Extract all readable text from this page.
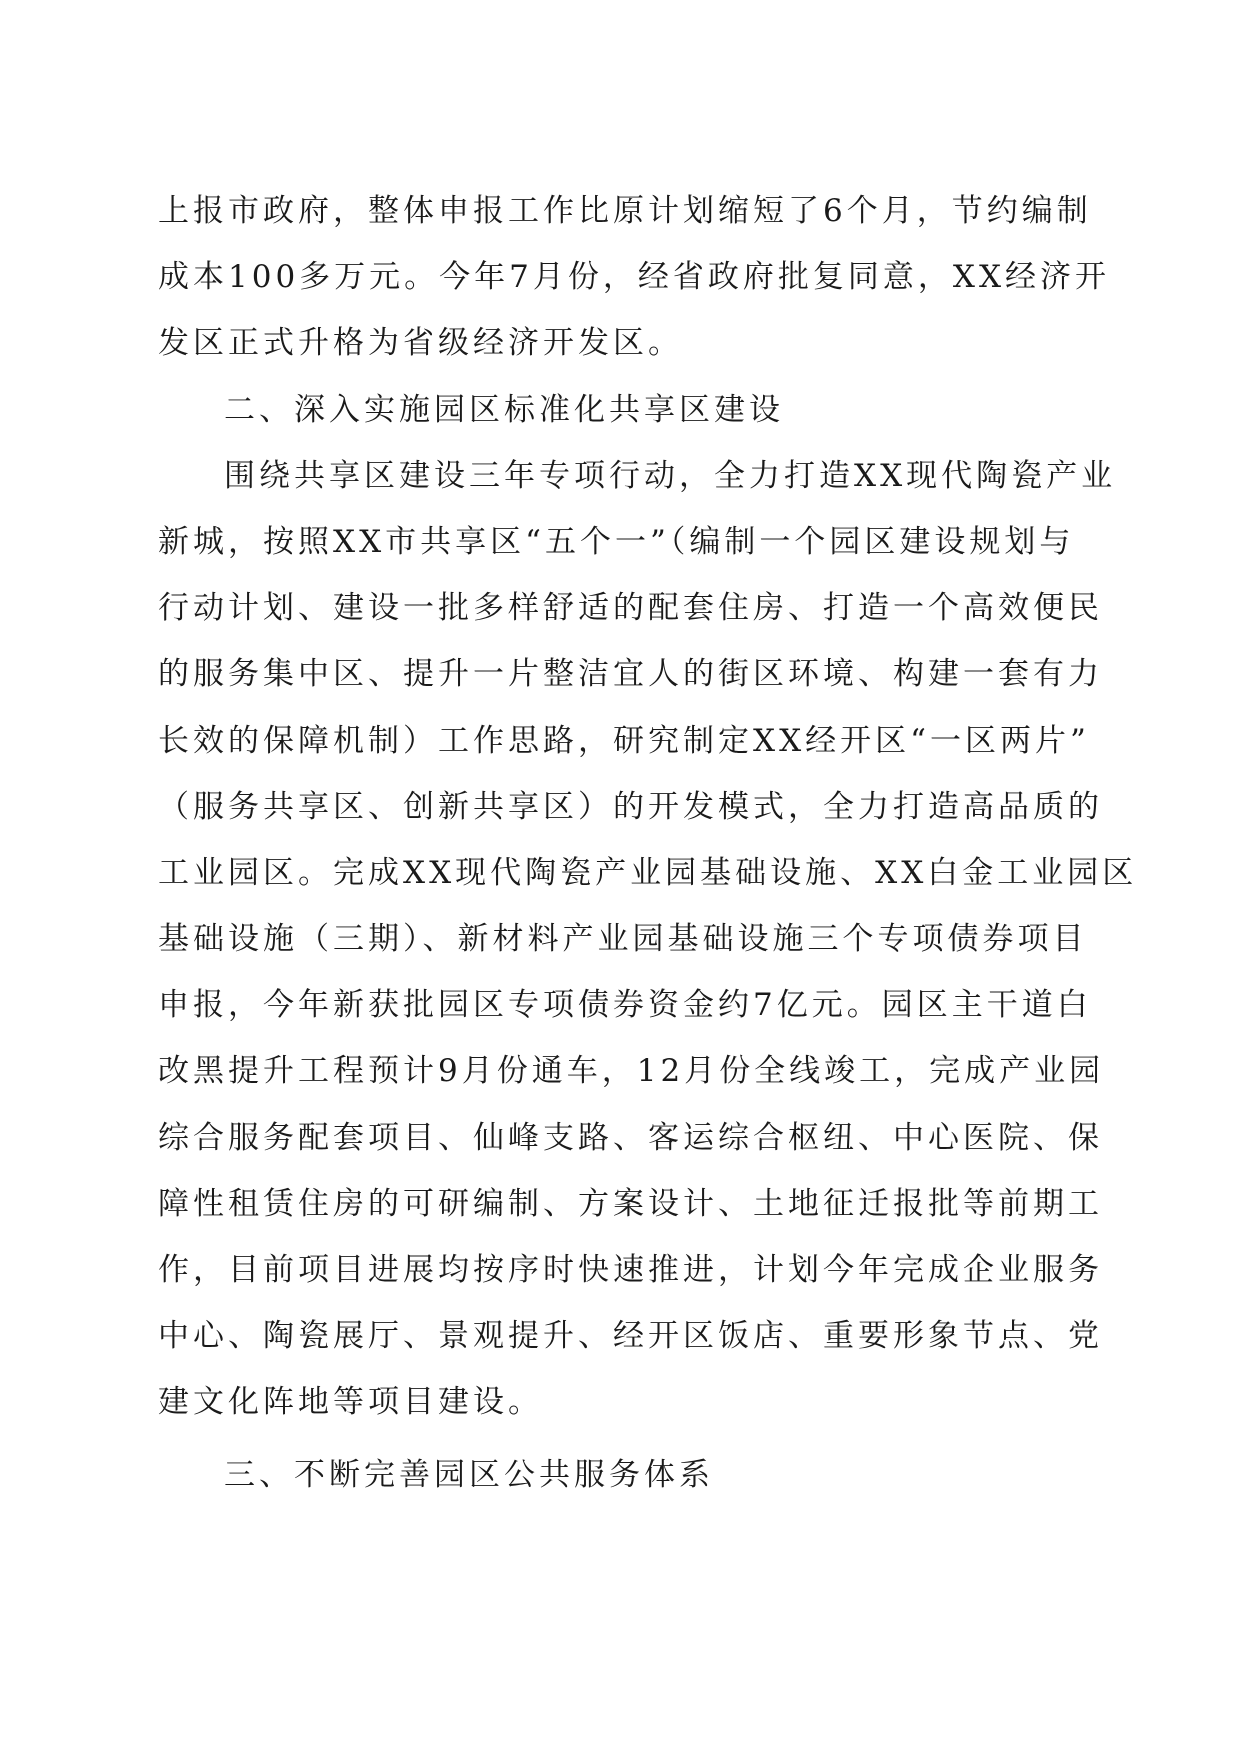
上报市政府，整体申报工作比原计划缩短了6个月，节约编制
成本100多万元。今年7月份，经省政府批复同意，XX经济开
发区正式升格为省级经济开发区。
二、深入实施园区标准化共享区建设
围绕共享区建设三年专项行动，全力打造XX现代陶瓷产业
新城，按照XX市共享区“五个一”（编制一个园区建设规划与
行动计划、建设一批多样舒适的配套住房、打造一个高效便民
的服务集中区、提升一片整洁宜人的街区环境、构建一套有力
长效的保障机制）工作思路，研究制定XX经开区“一区两片”
（服务共享区、创新共享区）的开发模式，全力打造高品质的
工业园区。完成XX现代陶瓷产业园基础设施、XX白金工业园区
基础设施（三期）、新材料产业园基础设施三个专项债券项目
申报，今年新获批园区专项债券资金约7亿元。园区主干道白
改黑提升工程预计9月份通车，12月份全线竣工，完成产业园
综合服务配套项目、仙峰支路、客运综合枢纽、中心医院、保
障性租赁住房的可研编制、方案设计、土地征迁报批等前期工
作，目前项目进展均按序时快速推进，计划今年完成企业服务
中心、陶瓷展厅、景观提升、经开区饭店、重要形象节点、党
建文化阵地等项目建设。
三、不断完善园区公共服务体系
